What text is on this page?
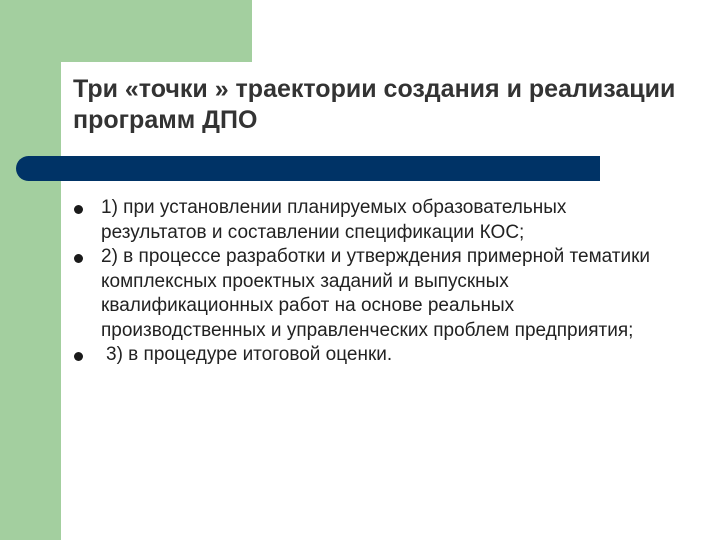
Три «точки » траектории создания и реализации программ ДПО
1) при установлении планируемых образовательных результатов и составлении спецификации КОС;
2) в процессе разработки и утверждения примерной тематики комплексных проектных заданий и выпускных квалификационных работ на основе реальных производственных и управленческих проблем предприятия;
3) в процедуре итоговой оценки.
